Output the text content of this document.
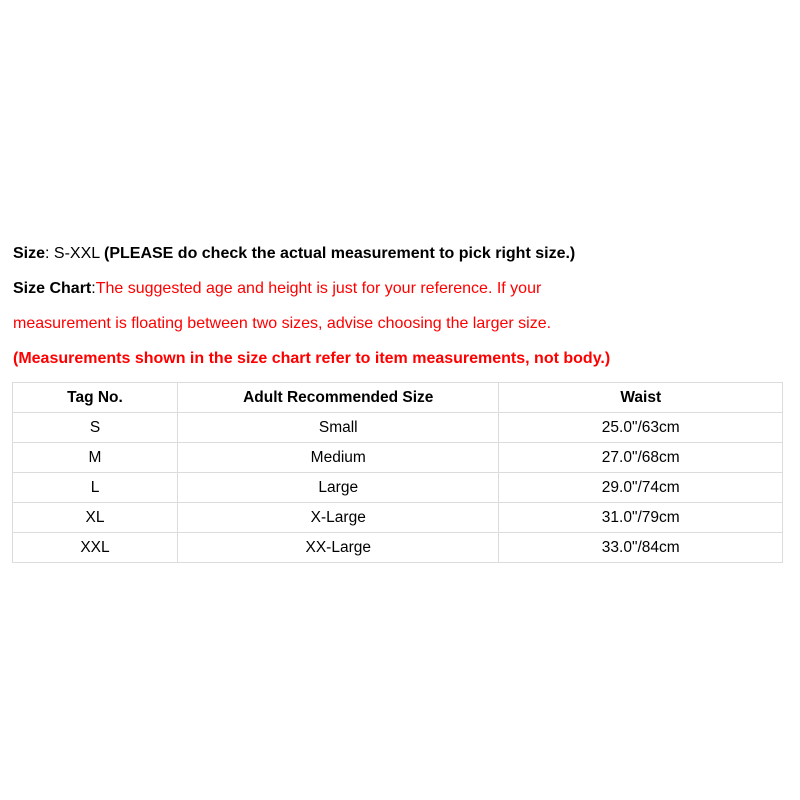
Size: S-XXL (PLEASE do check the actual measurement to pick right size.)
Size Chart:The suggested age and height is just for your reference. If your
measurement is floating between two sizes, advise choosing the larger size.
(Measurements shown in the size chart refer to item measurements, not body.)
Tag No.	Adult Recommended Size	Waist
S	Small	25.0"/63cm
M	Medium	27.0"/68cm
L	Large	29.0"/74cm
XL	X-Large	31.0"/79cm
XXL	XX-Large	33.0"/84cm
